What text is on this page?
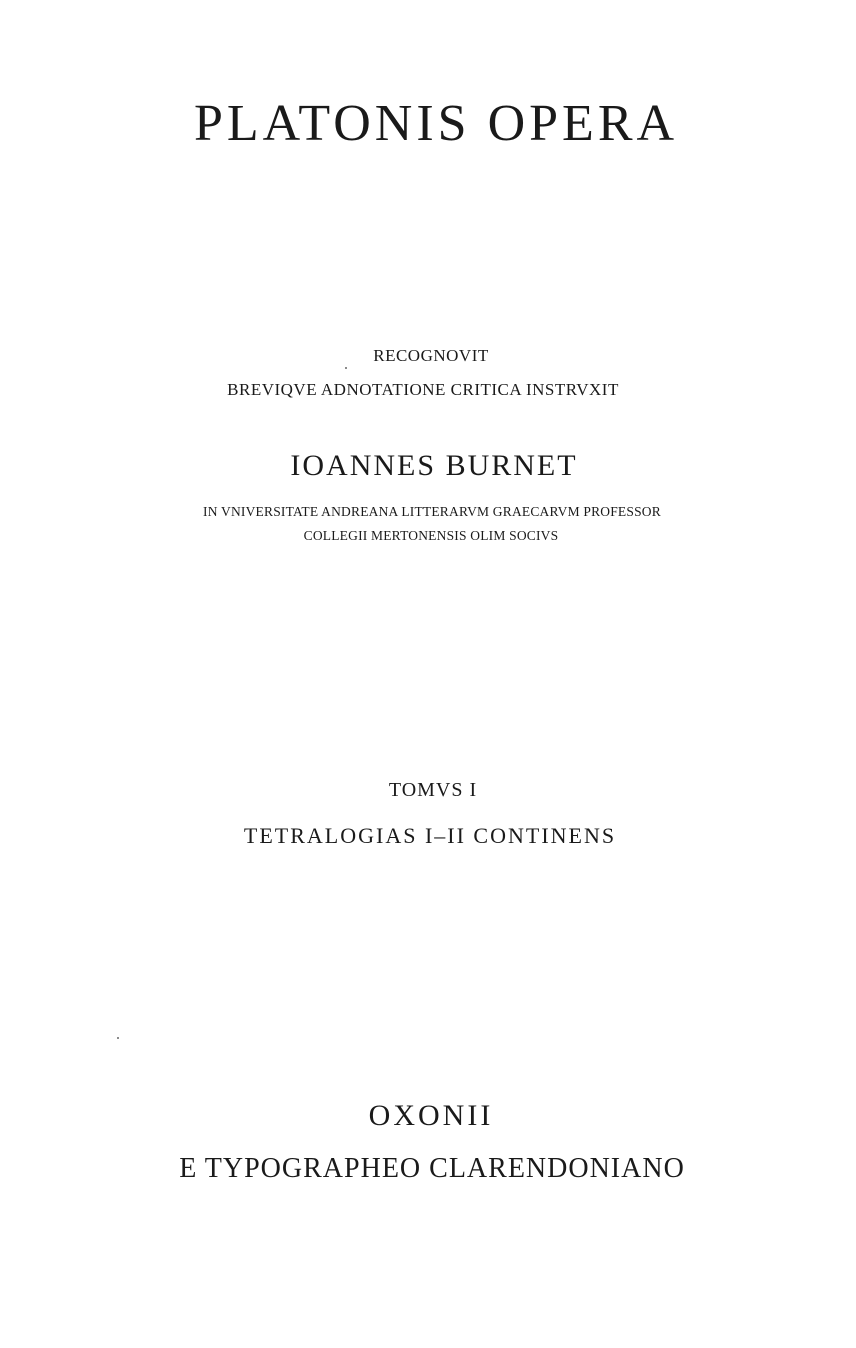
PLATONIS OPERA
RECOGNOVIT
BREVIQVE ADNOTATIONE CRITICA INSTRVXIT
IOANNES BURNET
IN VNIVERSITATE ANDREANA LITTERARVM GRAECARVM PROFESSOR
COLLEGII MERTONENSIS OLIM SOCIVS
TOMVS I
TETRALOGIAS I–II CONTINENS
OXONII
E TYPOGRAPHEO CLARENDONIANO
